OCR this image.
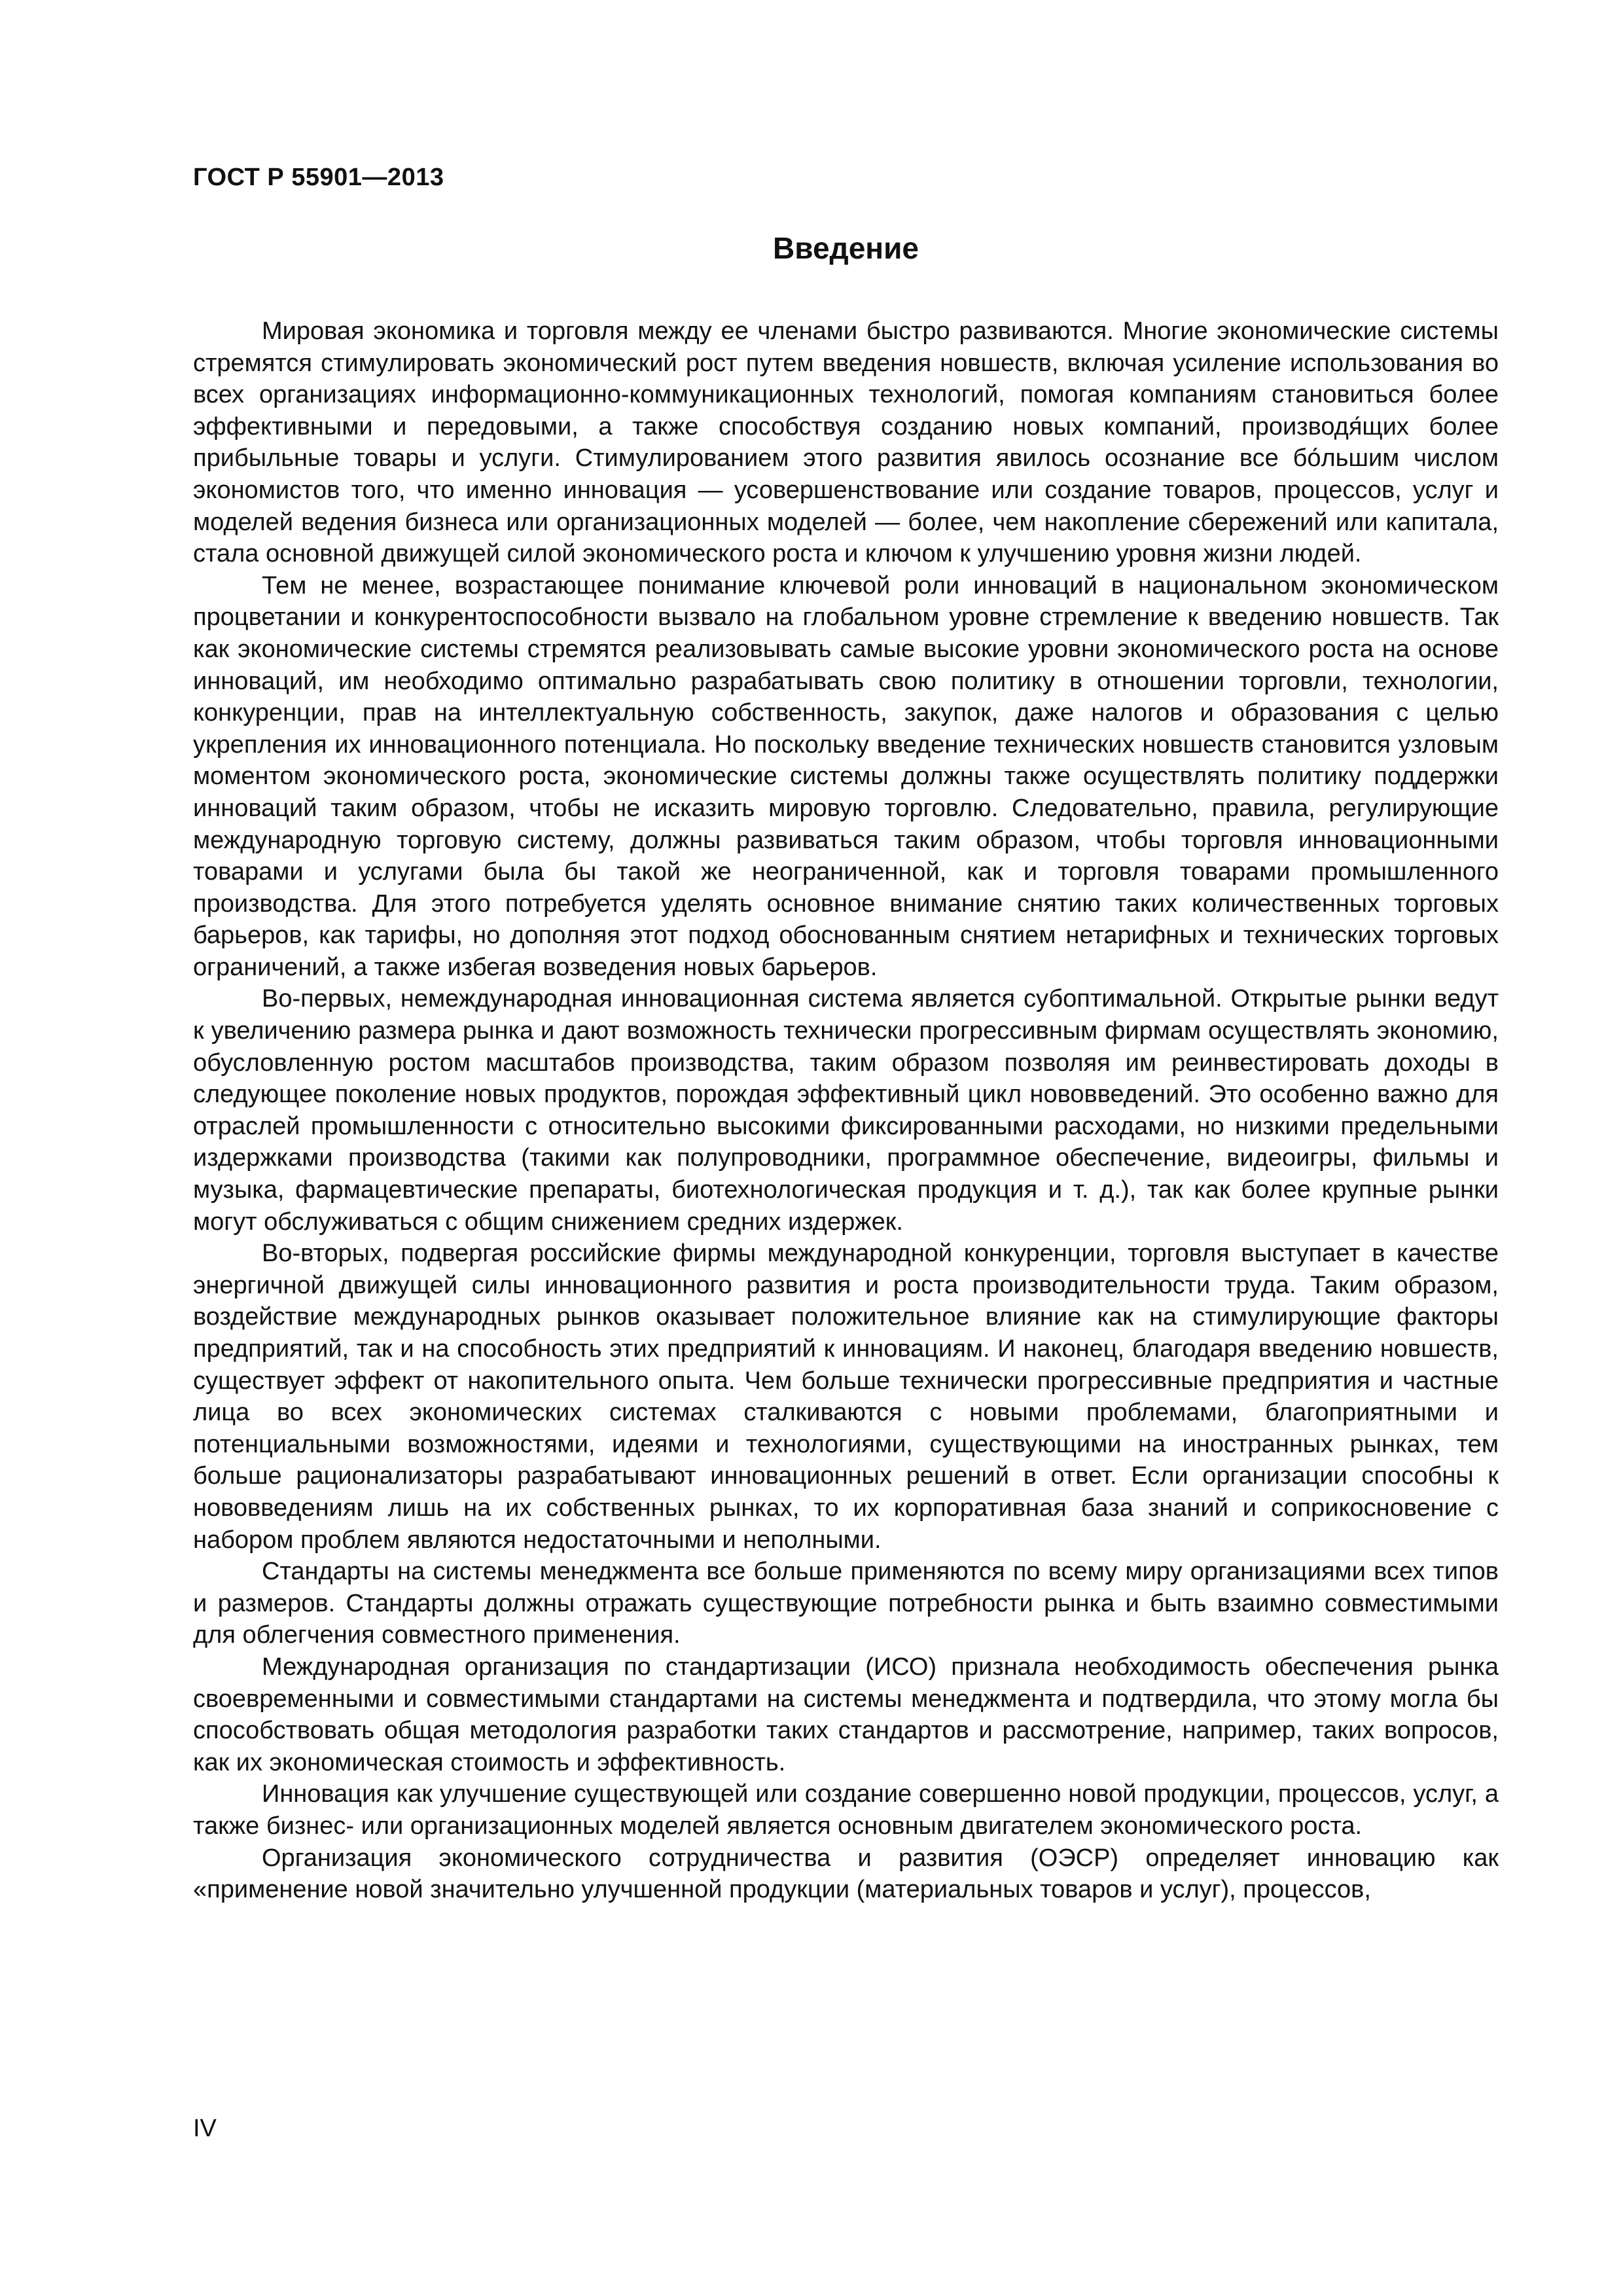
ГОСТ Р 55901—2013
Введение

Мировая экономика и торговля между ее членами быстро развиваются. Многие экономические системы стремятся стимулировать экономический рост путем введения новшеств, включая усиление использования во всех организациях информационно-коммуникационных технологий, помогая компаниям становиться более эффективными и передовыми, а также способствуя созданию новых компаний, производя́щих более прибыльные товары и услуги. Стимулированием этого развития явилось осознание все бо́льшим числом экономистов того, что именно инновация — усовершенствование или создание товаров, процессов, услуг и моделей ведения бизнеса или организационных моделей — более, чем накопление сбережений или капитала, стала основной движущей силой экономического роста и ключом к улучшению уровня жизни людей.

Тем не менее, возрастающее понимание ключевой роли инноваций в национальном экономическом процветании и конкурентоспособности вызвало на глобальном уровне стремление к введению новшеств. Так как экономические системы стремятся реализовывать самые высокие уровни экономического роста на основе инноваций, им необходимо оптимально разрабатывать свою политику в отношении торговли, технологии, конкуренции, прав на интеллектуальную собственность, закупок, даже налогов и образования с целью укрепления их инновационного потенциала. Но поскольку введение технических новшеств становится узловым моментом экономического роста, экономические системы должны также осуществлять политику поддержки инноваций таким образом, чтобы не исказить мировую торговлю. Следовательно, правила, регулирующие международную торговую систему, должны развиваться таким образом, чтобы торговля инновационными товарами и услугами была бы такой же неограниченной, как и торговля товарами промышленного производства. Для этого потребуется уделять основное внимание снятию таких количественных торговых барьеров, как тарифы, но дополняя этот подход обоснованным снятием нетарифных и технических торговых ограничений, а также избегая возведения новых барьеров.

Во-первых, немеждународная инновационная система является субоптимальной. Открытые рынки ведут к увеличению размера рынка и дают возможность технически прогрессивным фирмам осуществлять экономию, обусловленную ростом масштабов производства, таким образом позволяя им реинвестировать доходы в следующее поколение новых продуктов, порождая эффективный цикл нововведений. Это особенно важно для отраслей промышленности с относительно высокими фиксированными расходами, но низкими предельными издержками производства (такими как полупроводники, программное обеспечение, видеоигры, фильмы и музыка, фармацевтические препараты, биотехнологическая продукция и т. д.), так как более крупные рынки могут обслуживаться с общим снижением средних издержек.

Во-вторых, подвергая российские фирмы международной конкуренции, торговля выступает в качестве энергичной движущей силы инновационного развития и роста производительности труда. Таким образом, воздействие международных рынков оказывает положительное влияние как на стимулирующие факторы предприятий, так и на способность этих предприятий к инновациям. И наконец, благодаря введению новшеств, существует эффект от накопительного опыта. Чем больше технически прогрессивные предприятия и частные лица во всех экономических системах сталкиваются с новыми проблемами, благоприятными и потенциальными возможностями, идеями и технологиями, существующими на иностранных рынках, тем больше рационализаторы разрабатывают инновационных решений в ответ. Если организации способны к нововведениям лишь на их собственных рынках, то их корпоративная база знаний и соприкосновение с набором проблем являются недостаточными и неполными.

Стандарты на системы менеджмента все больше применяются по всему миру организациями всех типов и размеров. Стандарты должны отражать существующие потребности рынка и быть взаимно совместимыми для облегчения совместного применения.

Международная организация по стандартизации (ИСО) признала необходимость обеспечения рынка своевременными и совместимыми стандартами на системы менеджмента и подтвердила, что этому могла бы способствовать общая методология разработки таких стандартов и рассмотрение, например, таких вопросов, как их экономическая стоимость и эффективность.

Инновация как улучшение существующей или создание совершенно новой продукции, процессов, услуг, а также бизнес- или организационных моделей является основным двигателем экономического роста.

Организация экономического сотрудничества и развития (ОЭСР) определяет инновацию как «применение новой значительно улучшенной продукции (материальных товаров и услуг), процессов,

IV
